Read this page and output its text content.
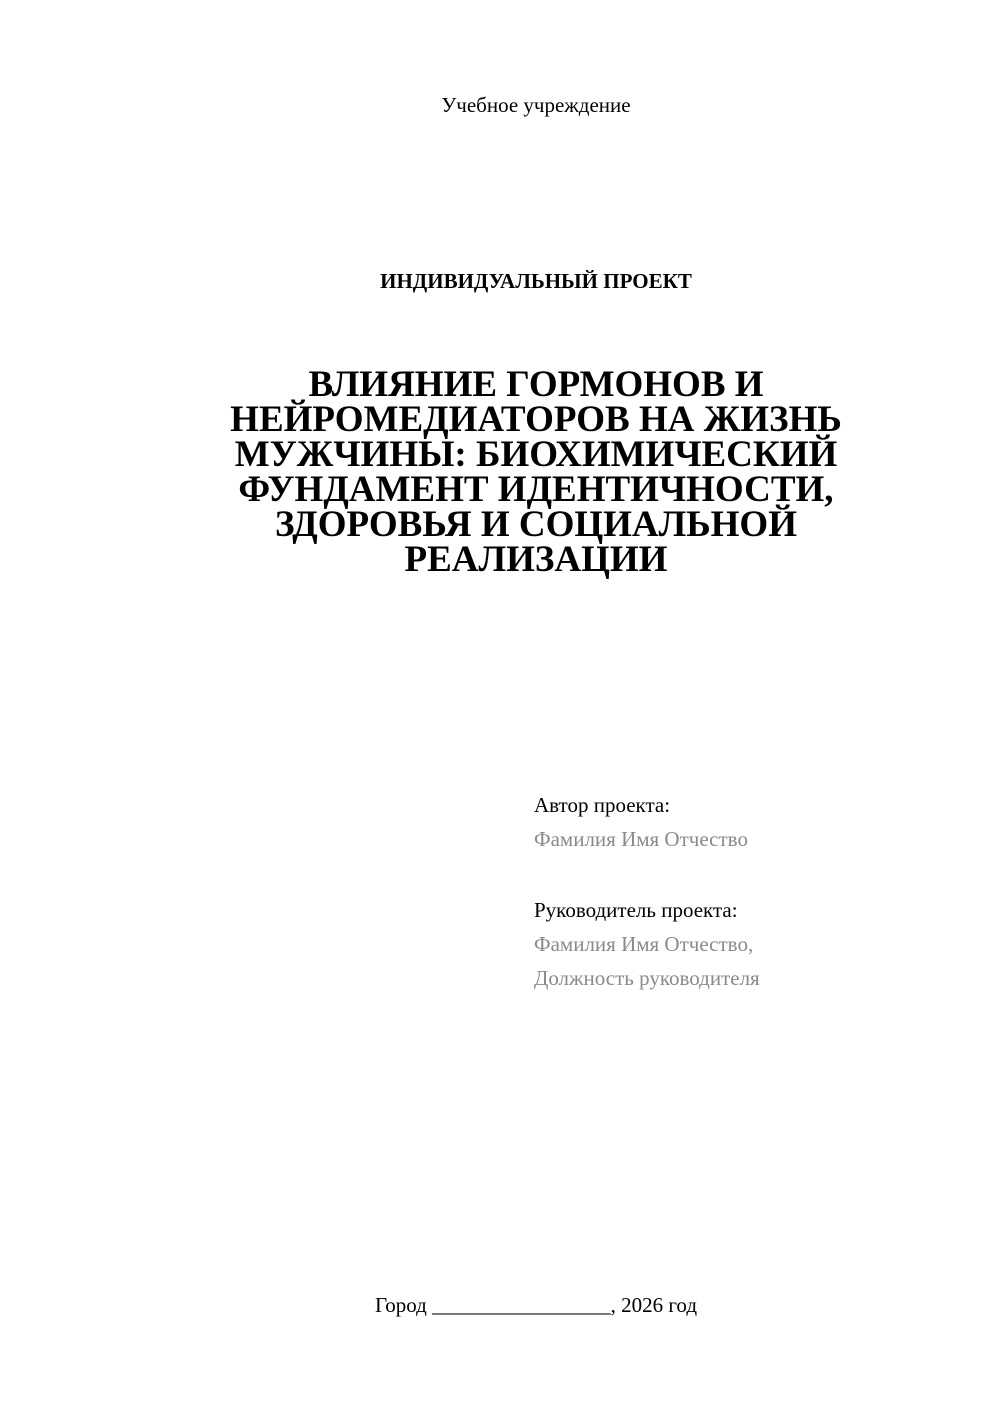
Учебное учреждение
ИНДИВИДУАЛЬНЫЙ ПРОЕКТ
ВЛИЯНИЕ ГОРМОНОВ И
НЕЙРОМЕДИАТОРОВ НА ЖИЗНЬ
МУЖЧИНЫ: БИОХИМИЧЕСКИЙ
ФУНДАМЕНТ ИДЕНТИЧНОСТИ,
ЗДОРОВЬЯ И СОЦИАЛЬНОЙ
РЕАЛИЗАЦИИ
Автор проекта:
Фамилия Имя Отчество
Руководитель проекта:
Фамилия Имя Отчество,
Должность руководителя
Город _________________, 2026 год
